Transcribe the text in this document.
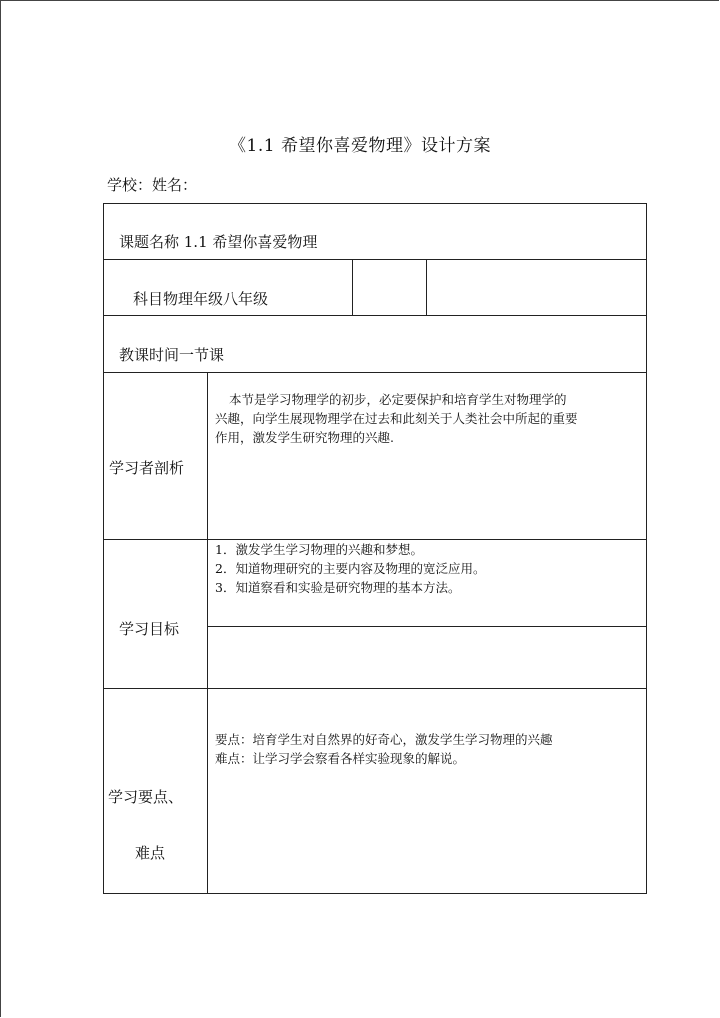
《1.1 希望你喜爱物理》设计方案
学校：姓名：
课题名称 1.1 希望你喜爱物理
科目物理年级八年级
教课时间一节课
学习者剖析
本节是学习物理学的初步，必定要保护和培育学生对物理学的
兴趣，向学生展现物理学在过去和此刻关于人类社会中所起的重要
作用，激发学生研究物理的兴趣.
学习目标
1．激发学生学习物理的兴趣和梦想。
2．知道物理研究的主要内容及物理的宽泛应用。
3．知道察看和实验是研究物理的基本方法。
学习要点、
难点
要点：培育学生对自然界的好奇心，激发学生学习物理的兴趣
难点：让学习学会察看各样实验现象的解说。
